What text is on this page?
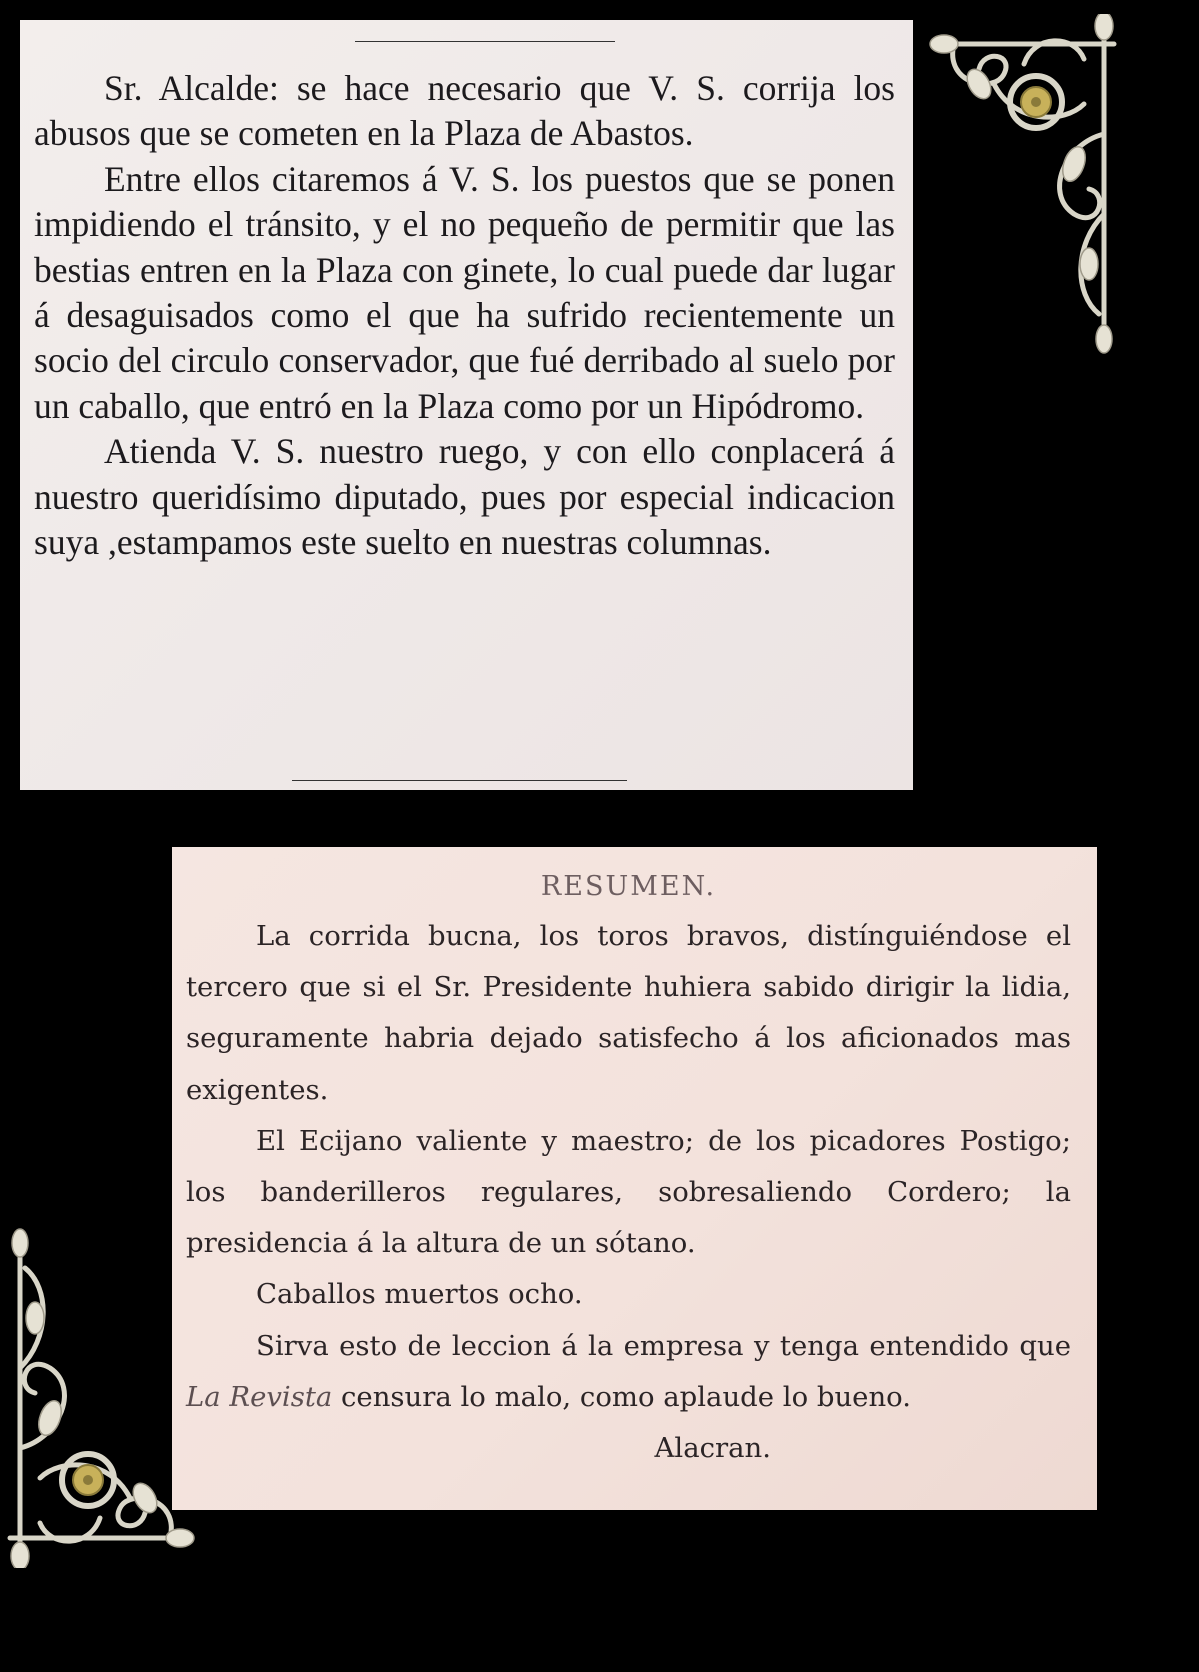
Sr. Alcalde: se hace necesario que V. S. corrija los abusos que se cometen en la Plaza de Abastos.

Entre ellos citaremos á V. S. los puestos que se ponen impidiendo el tránsito, y el no pequeño de permitir que las bestias entren en la Plaza con ginete, lo cual puede dar lugar á desaguisados como el que ha sufrido recientemente un socio del circulo conservador, que fué derribado al suelo por un caballo, que entró en la Plaza como por un Hipódromo.

Atienda V. S. nuestro ruego, y con ello conplacerá á nuestro queridísimo diputado, pues por especial indicacion suya ,estampamos este suelto en nuestras columnas.

RESUMEN.

La corrida bucna, los toros bravos, distínguiéndose el tercero que si el Sr. Presidente huhiera sabido dirigir la lidia, seguramente habria dejado satisfecho á los aficionados mas exigentes.

El Ecijano valiente y maestro; de los picadores Postigo; los banderilleros regulares, sobresaliendo Cordero; la presidencia á la altura de un sótano.

Caballos muertos ocho.

Sirva esto de leccion á la empresa y tenga entendido que La Revista censura lo malo, como aplaude lo bueno.

Alacran.
